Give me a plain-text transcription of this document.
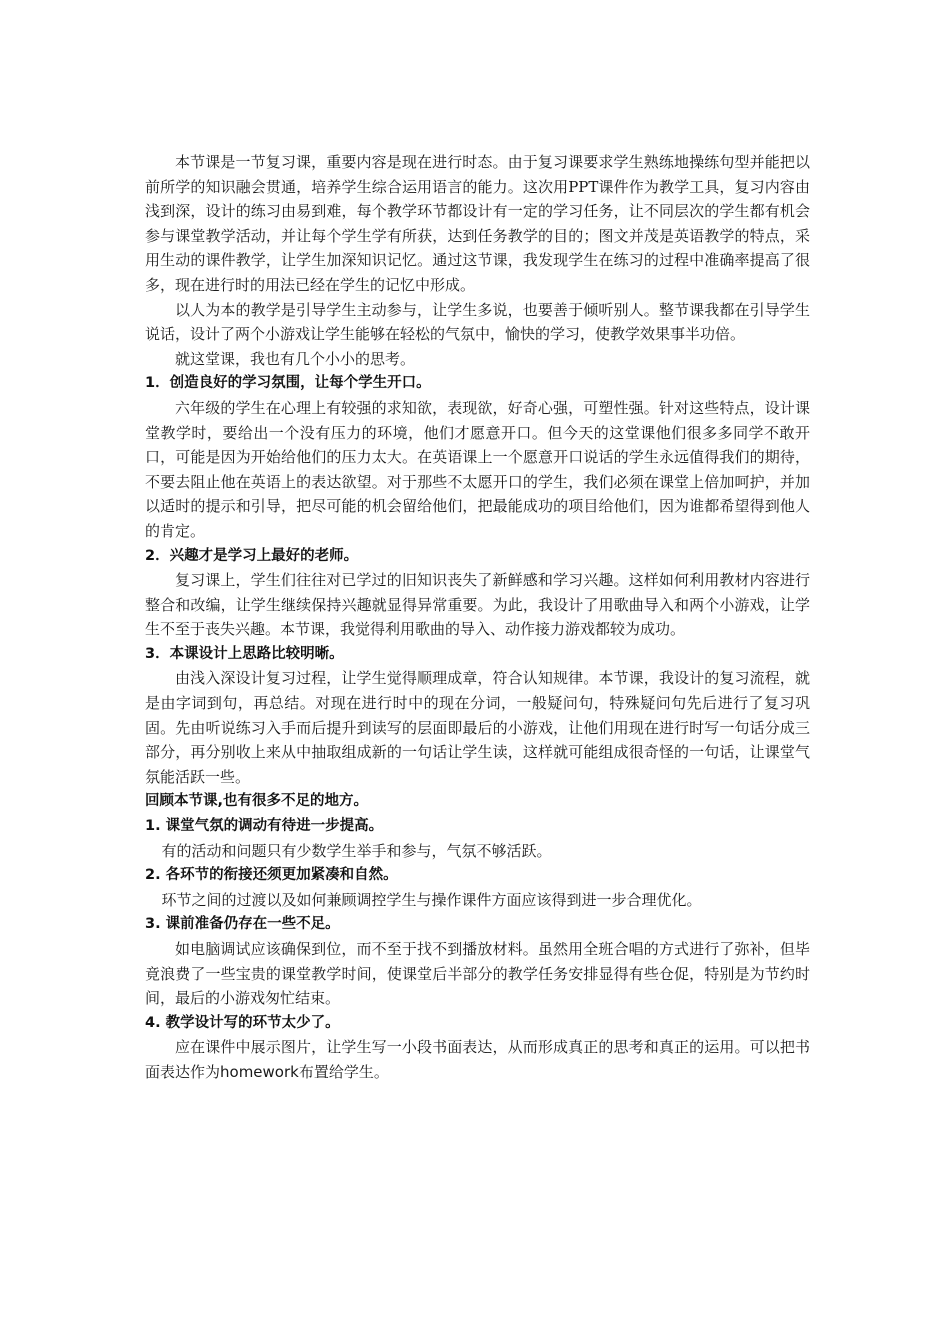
本节课是一节复习课，重要内容是现在进行时态。由于复习课要求学生熟练地操练句型并能把以前所学的知识融会贯通，培养学生综合运用语言的能力。这次用PPT课件作为教学工具，复习内容由浅到深，设计的练习由易到难，每个教学环节都设计有一定的学习任务，让不同层次的学生都有机会参与课堂教学活动，并让每个学生学有所获，达到任务教学的目的；图文并茂是英语教学的特点，采用生动的课件教学，让学生加深知识记忆。通过这节课，我发现学生在练习的过程中准确率提高了很多，现在进行时的用法已经在学生的记忆中形成。

以人为本的教学是引导学生主动参与，让学生多说，也要善于倾听别人。整节课我都在引导学生说话，设计了两个小游戏让学生能够在轻松的气氛中，愉快的学习，使教学效果事半功倍。

就这堂课，我也有几个小小的思考。

1．创造良好的学习氛围，让每个学生开口。

六年级的学生在心理上有较强的求知欲，表现欲，好奇心强，可塑性强。针对这些特点，设计课堂教学时，要给出一个没有压力的环境，他们才愿意开口。但今天的这堂课他们很多多同学不敢开口，可能是因为开始给他们的压力太大。在英语课上一个愿意开口说话的学生永远值得我们的期待，不要去阻止他在英语上的表达欲望。对于那些不太愿开口的学生，我们必须在课堂上倍加呵护，并加以适时的提示和引导，把尽可能的机会留给他们，把最能成功的项目给他们，因为谁都希望得到他人的肯定。

2．兴趣才是学习上最好的老师。

复习课上，学生们往往对已学过的旧知识丧失了新鲜感和学习兴趣。这样如何利用教材内容进行整合和改编，让学生继续保持兴趣就显得异常重要。为此，我设计了用歌曲导入和两个小游戏，让学生不至于丧失兴趣。本节课，我觉得利用歌曲的导入、动作接力游戏都较为成功。

3．本课设计上思路比较明晰。

由浅入深设计复习过程，让学生觉得顺理成章，符合认知规律。本节课，我设计的复习流程，就是由字词到句，再总结。对现在进行时中的现在分词，一般疑问句，特殊疑问句先后进行了复习巩固。先由听说练习入手而后提升到读写的层面即最后的小游戏，让他们用现在进行时写一句话分成三部分，再分别收上来从中抽取组成新的一句话让学生读，这样就可能组成很奇怪的一句话，让课堂气氛能活跃一些。

回顾本节课,也有很多不足的地方。

1. 课堂气氛的调动有待进一步提高。

有的活动和问题只有少数学生举手和参与，气氛不够活跃。

2. 各环节的衔接还须更加紧凑和自然。

环节之间的过渡以及如何兼顾调控学生与操作课件方面应该得到进一步合理优化。

3. 课前准备仍存在一些不足。

如电脑调试应该确保到位，而不至于找不到播放材料。虽然用全班合唱的方式进行了弥补，但毕竟浪费了一些宝贵的课堂教学时间，使课堂后半部分的教学任务安排显得有些仓促，特别是为节约时间，最后的小游戏匆忙结束。

4. 教学设计写的环节太少了。

应在课件中展示图片，让学生写一小段书面表达，从而形成真正的思考和真正的运用。可以把书面表达作为homework布置给学生。
